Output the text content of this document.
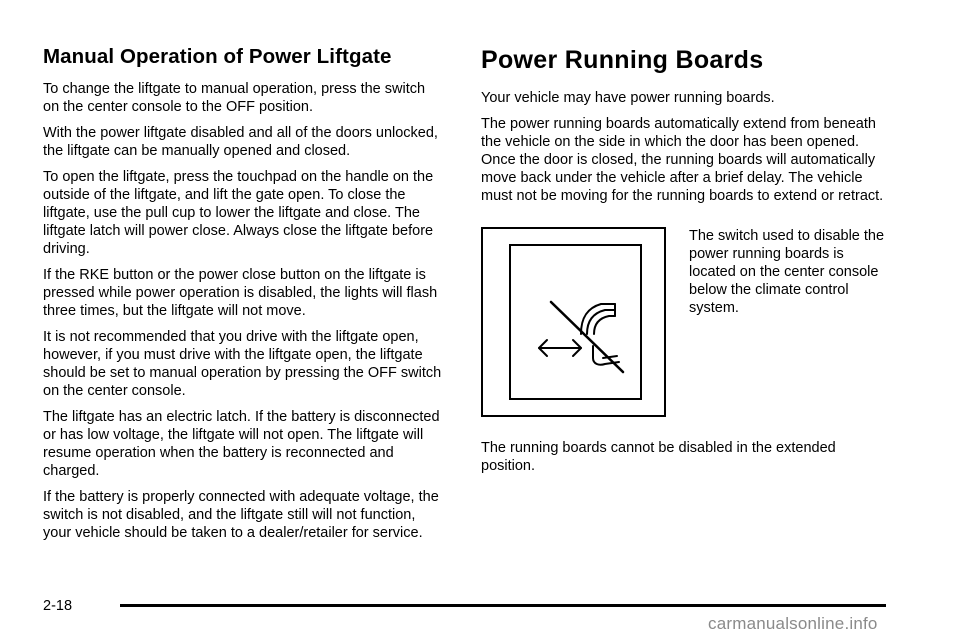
Manual Operation of Power Liftgate

To change the liftgate to manual operation, press the switch on the center console to the OFF position.

With the power liftgate disabled and all of the doors unlocked, the liftgate can be manually opened and closed.

To open the liftgate, press the touchpad on the handle on the outside of the liftgate, and lift the gate open. To close the liftgate, use the pull cup to lower the liftgate and close. The liftgate latch will power close. Always close the liftgate before driving.

If the RKE button or the power close button on the liftgate is pressed while power operation is disabled, the lights will flash three times, but the liftgate will not move.

It is not recommended that you drive with the liftgate open, however, if you must drive with the liftgate open, the liftgate should be set to manual operation by pressing the OFF switch on the center console.

The liftgate has an electric latch. If the battery is disconnected or has low voltage, the liftgate will not open. The liftgate will resume operation when the battery is reconnected and charged.

If the battery is properly connected with adequate voltage, the switch is not disabled, and the liftgate still will not function, your vehicle should be taken to a dealer/retailer for service.

Power Running Boards

Your vehicle may have power running boards.

The power running boards automatically extend from beneath the vehicle on the side in which the door has been opened. Once the door is closed, the running boards will automatically move back under the vehicle after a brief delay. The vehicle must not be moving for the running boards to extend or retract.

The switch used to disable the power running boards is located on the center console below the climate control system.

The running boards cannot be disabled in the extended position.

2-18
carmanualsonline.info
